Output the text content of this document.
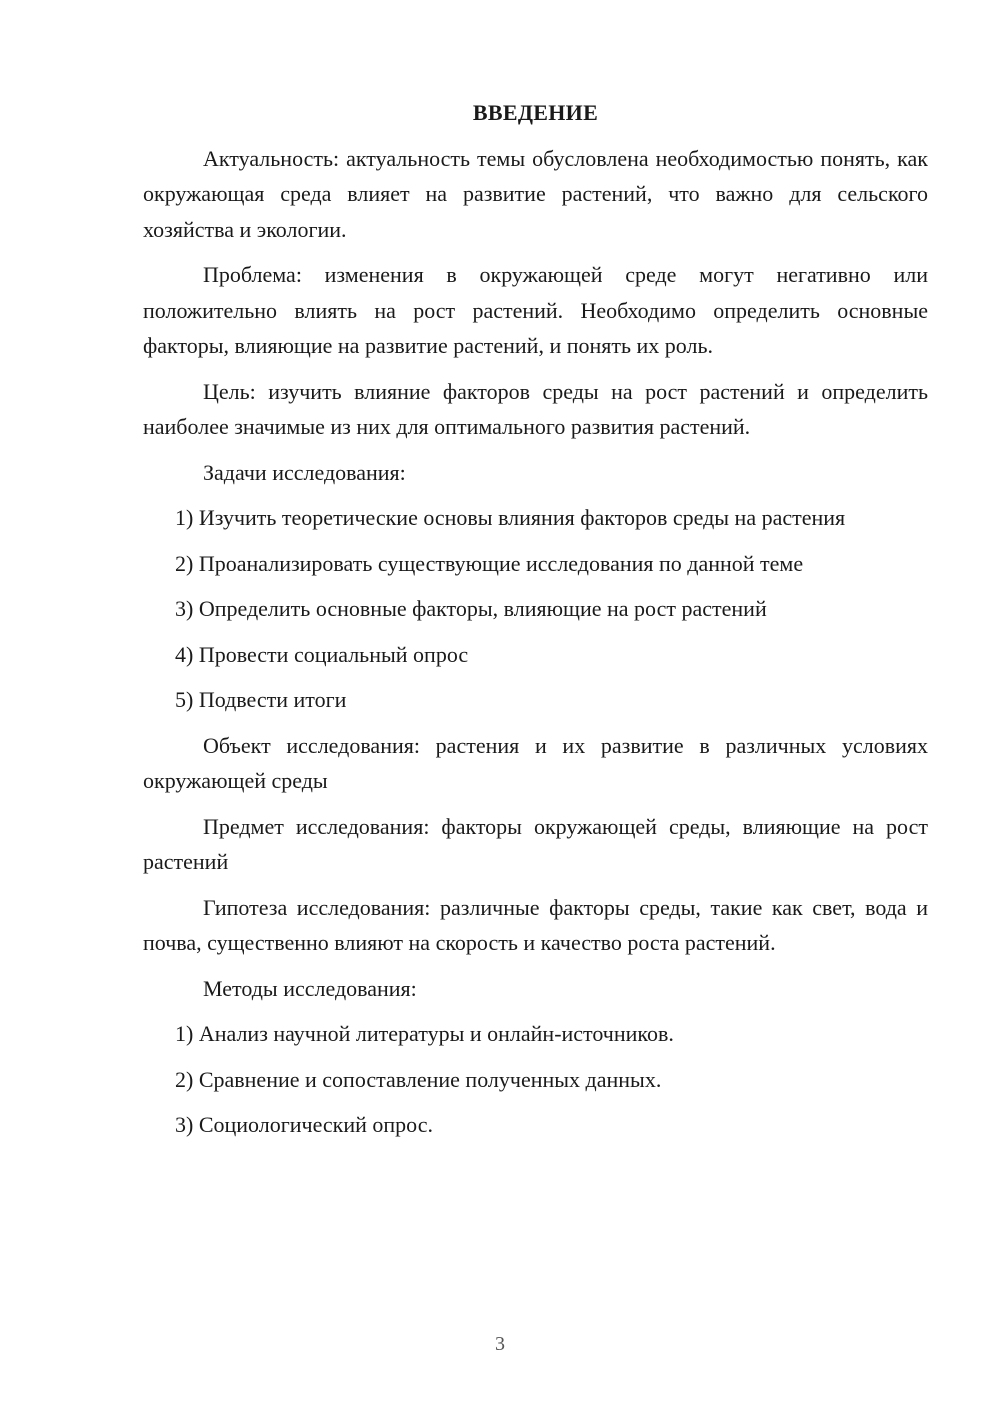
ВВЕДЕНИЕ

Актуальность: актуальность темы обусловлена необходимостью понять, как окружающая среда влияет на развитие растений, что важно для сельского хозяйства и экологии.

Проблема: изменения в окружающей среде могут негативно или положительно влиять на рост растений. Необходимо определить основные факторы, влияющие на развитие растений, и понять их роль.

Цель: изучить влияние факторов среды на рост растений и определить наиболее значимые из них для оптимального развития растений.

Задачи исследования:

1) Изучить теоретические основы влияния факторов среды на растения

2) Проанализировать существующие исследования по данной теме

3) Определить основные факторы, влияющие на рост растений

4) Провести социальный опрос

5) Подвести итоги

Объект исследования: растения и их развитие в различных условиях окружающей среды

Предмет исследования: факторы окружающей среды, влияющие на рост растений

Гипотеза исследования: различные факторы среды, такие как свет, вода и почва, существенно влияют на скорость и качество роста растений.

Методы исследования:

1) Анализ научной литературы и онлайн-источников.

2) Сравнение и сопоставление полученных данных.

3) Социологический опрос.

3
